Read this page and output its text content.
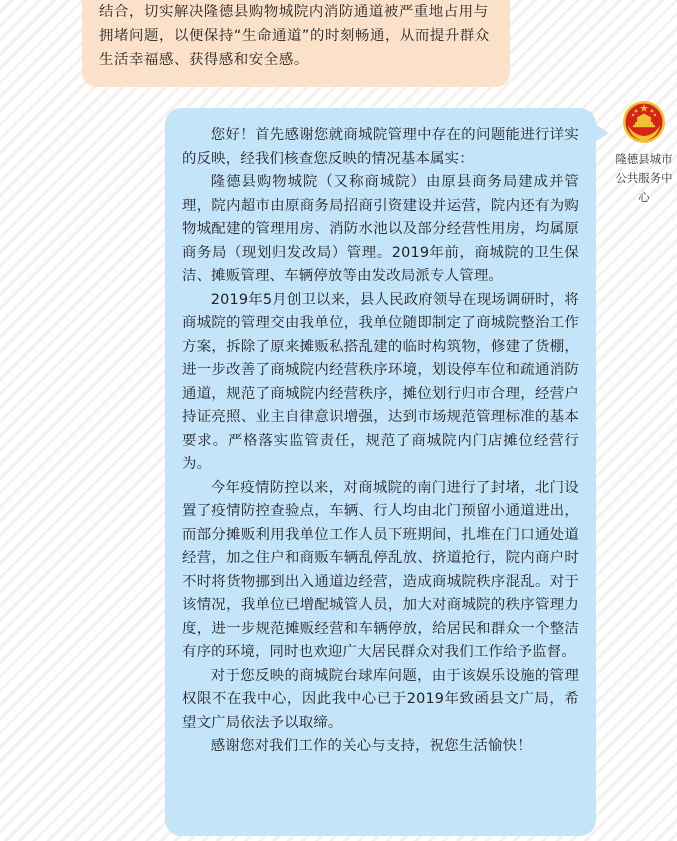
结合，切实解决隆德县购物城院内消防通道被严重地占用与拥堵问题，以便保持“生命通道”的时刻畅通，从而提升群众生活幸福感、获得感和安全感。

您好！首先感谢您就商城院管理中存在的问题能进行详实的反映，经我们核查您反映的情况基本属实：

隆德县购物城院（又称商城院）由原县商务局建成并管理，院内超市由原商务局招商引资建设并运营，院内还有为购物城配建的管理用房、消防水池以及部分经营性用房，均属原商务局（现划归发改局）管理。2019年前，商城院的卫生保洁、摊贩管理、车辆停放等由发改局派专人管理。

2019年5月创卫以来，县人民政府领导在现场调研时，将商城院的管理交由我单位，我单位随即制定了商城院整治工作方案，拆除了原来摊贩私搭乱建的临时构筑物，修建了货棚，进一步改善了商城院内经营秩序环境，划设停车位和疏通消防通道，规范了商城院内经营秩序，摊位划行归市合理，经营户持证亮照、业主自律意识增强，达到市场规范管理标准的基本要求。严格落实监管责任，规范了商城院内门店摊位经营行为。

今年疫情防控以来，对商城院的南门进行了封堵，北门设置了疫情防控查验点，车辆、行人均由北门预留小通道进出，而部分摊贩利用我单位工作人员下班期间，扎堆在门口通处道经营，加之住户和商贩车辆乱停乱放、挤道抢行，院内商户时不时将货物挪到出入通道边经营，造成商城院秩序混乱。对于该情况，我单位已增配城管人员，加大对商城院的秩序管理力度，进一步规范摊贩经营和车辆停放，给居民和群众一个整洁有序的环境，同时也欢迎广大居民群众对我们工作给予监督。

对于您反映的商城院台球库问题，由于该娱乐设施的管理权限不在我中心，因此我中心已于2019年致函县文广局，希望文广局依法予以取缔。

感谢您对我们工作的关心与支持，祝您生活愉快！

隆德县城市公共服务中心
